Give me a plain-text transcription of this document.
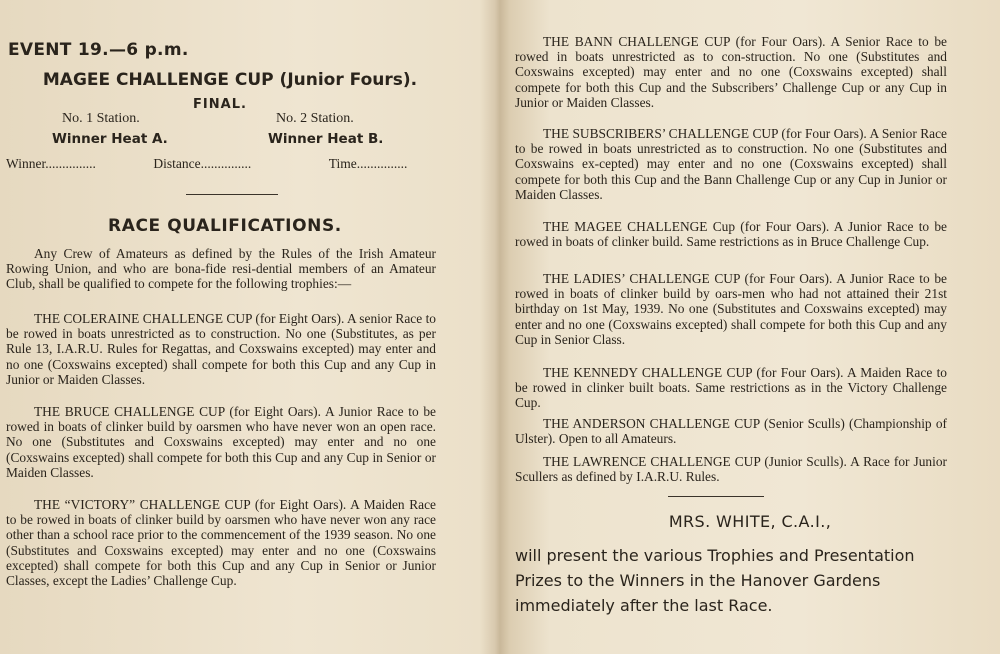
EVENT 19.—6 p.m.
MAGEE CHALLENGE CUP (Junior Fours).
FINAL.
No. 1 Station.	No. 2 Station.
Winner Heat A.	Winner Heat B.
Winner...............	Distance...............	Time...............
RACE QUALIFICATIONS.
Any Crew of Amateurs as defined by the Rules of the Irish Amateur Rowing Union, and who are bona-fide resi-dential members of an Amateur Club, shall be qualified to compete for the following trophies:—
THE COLERAINE CHALLENGE CUP (for Eight Oars). A senior Race to be rowed in boats unrestricted as to construction. No one (Substitutes, as per Rule 13, I.A.R.U. Rules for Regattas, and Coxswains excepted) may enter and no one (Coxswains excepted) shall compete for both this Cup and any Cup in Junior or Maiden Classes.
THE BRUCE CHALLENGE CUP (for Eight Oars). A Junior Race to be rowed in boats of clinker build by oarsmen who have never won an open race. No one (Substitutes and Coxswains excepted) may enter and no one (Coxswains excepted) shall compete for both this Cup and any Cup in Senior or Maiden Classes.
THE “VICTORY” CHALLENGE CUP (for Eight Oars). A Maiden Race to be rowed in boats of clinker build by oarsmen who have never won any race other than a school race prior to the commencement of the 1939 season. No one (Substitutes and Coxswains excepted) may enter and no one (Coxswains excepted) shall compete for both this Cup and any Cup in Senior or Junior Classes, except the Ladies’ Challenge Cup.
THE BANN CHALLENGE CUP (for Four Oars). A Senior Race to be rowed in boats unrestricted as to con-struction. No one (Substitutes and Coxswains excepted) may enter and no one (Coxswains excepted) shall compete for both this Cup and the Subscribers’ Challenge Cup or any Cup in Junior or Maiden Classes.
THE SUBSCRIBERS’ CHALLENGE CUP (for Four Oars). A Senior Race to be rowed in boats unrestricted as to construction. No one (Substitutes and Coxswains ex-cepted) may enter and no one (Coxswains excepted) shall compete for both this Cup and the Bann Challenge Cup or any Cup in Junior or Maiden Classes.
THE MAGEE CHALLENGE Cup (for Four Oars). A Junior Race to be rowed in boats of clinker build. Same restrictions as in Bruce Challenge Cup.
THE LADIES’ CHALLENGE CUP (for Four Oars). A Junior Race to be rowed in boats of clinker build by oars-men who had not attained their 21st birthday on 1st May, 1939. No one (Substitutes and Coxswains excepted) may enter and no one (Coxswains excepted) shall compete for both this Cup and any Cup in Senior Class.
THE KENNEDY CHALLENGE CUP (for Four Oars). A Maiden Race to be rowed in clinker built boats. Same restrictions as in the Victory Challenge Cup.
THE ANDERSON CHALLENGE CUP (Senior Sculls) (Championship of Ulster). Open to all Amateurs.
THE LAWRENCE CHALLENGE CUP (Junior Sculls). A Race for Junior Scullers as defined by I.A.R.U. Rules.
MRS. WHITE, C.A.I.,
will present the various Trophies and Presentation Prizes to the Winners in the Hanover Gardens immediately after the last Race.
